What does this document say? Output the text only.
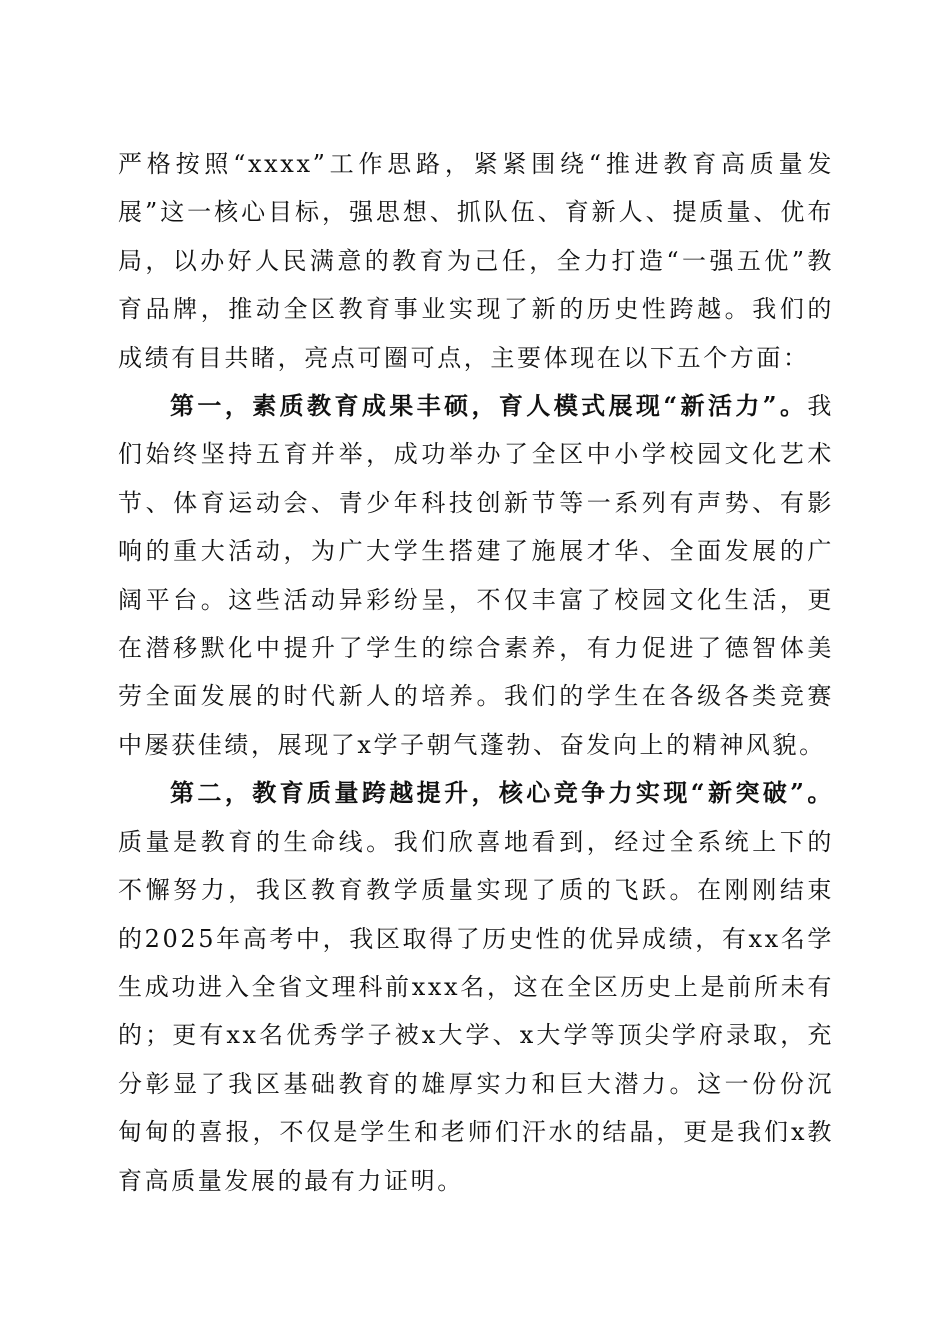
严格按照“xxxx”工作思路，紧紧围绕“推进教育高质量发展”这一核心目标，强思想、抓队伍、育新人、提质量、优布局，以办好人民满意的教育为己任，全力打造“一强五优”教育品牌，推动全区教育事业实现了新的历史性跨越。我们的成绩有目共睹，亮点可圈可点，主要体现在以下五个方面：

第一，素质教育成果丰硕，育人模式展现“新活力”。我们始终坚持五育并举，成功举办了全区中小学校园文化艺术节、体育运动会、青少年科技创新节等一系列有声势、有影响的重大活动，为广大学生搭建了施展才华、全面发展的广阔平台。这些活动异彩纷呈，不仅丰富了校园文化生活，更在潜移默化中提升了学生的综合素养，有力促进了德智体美劳全面发展的时代新人的培养。我们的学生在各级各类竞赛中屡获佳绩，展现了x学子朝气蓬勃、奋发向上的精神风貌。

第二，教育质量跨越提升，核心竞争力实现“新突破”。质量是教育的生命线。我们欣喜地看到，经过全系统上下的不懈努力，我区教育教学质量实现了质的飞跃。在刚刚结束的2025年高考中，我区取得了历史性的优异成绩，有xx名学生成功进入全省文理科前xxx名，这在全区历史上是前所未有的；更有xx名优秀学子被x大学、x大学等顶尖学府录取，充分彰显了我区基础教育的雄厚实力和巨大潜力。这一份份沉甸甸的喜报，不仅是学生和老师们汗水的结晶，更是我们x教育高质量发展的最有力证明。
